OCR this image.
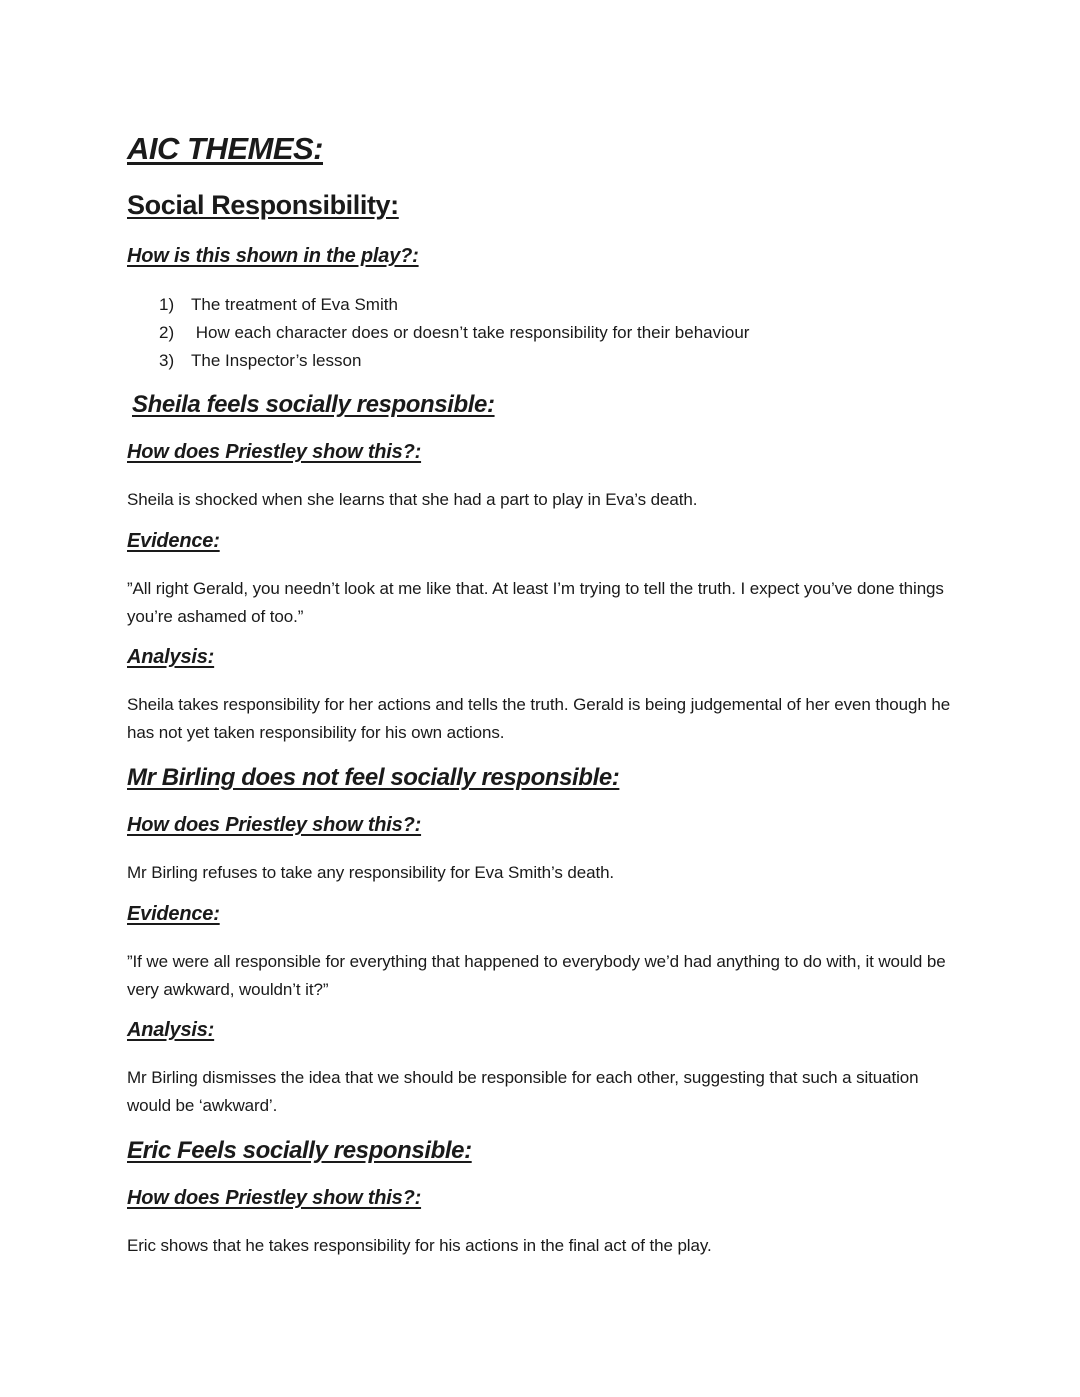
AIC THEMES:
Social Responsibility:
How is this shown in the play?:
1) The treatment of Eva Smith
2) How each character does or doesn’t take responsibility for their behaviour
3) The Inspector’s lesson
Sheila feels socially responsible:
How does Priestley show this?:

Sheila is shocked when she learns that she had a part to play in Eva’s death.

Evidence:

”All right Gerald, you needn’t look at me like that. At least I’m trying to tell the truth. I expect you’ve done things you’re ashamed of too.”

Analysis:

Sheila takes responsibility for her actions and tells the truth. Gerald is being judgemental of her even though he has not yet taken responsibility for his own actions.

Mr Birling does not feel socially responsible:
How does Priestley show this?:

Mr Birling refuses to take any responsibility for Eva Smith’s death.

Evidence:

”If we were all responsible for everything that happened to everybody we’d had anything to do with, it would be very awkward, wouldn’t it?”

Analysis:

Mr Birling dismisses the idea that we should be responsible for each other, suggesting that such a situation would be ‘awkward’.

Eric Feels socially responsible:
How does Priestley show this?:

Eric shows that he takes responsibility for his actions in the final act of the play.
